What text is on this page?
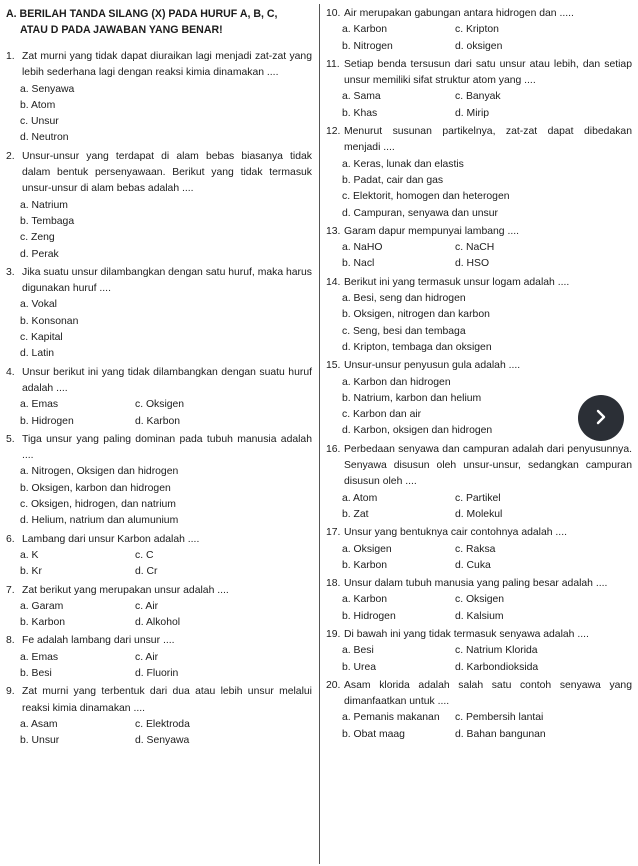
A. BERILAH TANDA SILANG (X) PADA HURUF A, B, C,
ATAU D PADA JAWABAN YANG BENAR!
1. Zat murni yang tidak dapat diuraikan lagi menjadi zat-zat yang lebih sederhana lagi dengan reaksi kimia dinamakan ....
a. Senyawa
b. Atom
c. Unsur
d. Neutron
2. Unsur-unsur yang terdapat di alam bebas biasanya tidak dalam bentuk persenyawaan. Berikut yang tidak termasuk unsur-unsur di alam bebas adalah ....
a. Natrium
b. Tembaga
c. Zeng
d. Perak
3. Jika suatu unsur dilambangkan dengan satu huruf, maka harus digunakan huruf ....
a. Vokal
b. Konsonan
c. Kapital
d. Latin
4. Unsur berikut ini yang tidak dilambangkan dengan suatu huruf adalah ....
a. Emas	c. Oksigen
b. Hidrogen	d. Karbon
5. Tiga unsur yang paling dominan pada tubuh manusia adalah ....
a. Nitrogen, Oksigen dan hidrogen
b. Oksigen, karbon dan hidrogen
c. Oksigen, hidrogen, dan natrium
d. Helium, natrium dan alumunium
6. Lambang dari unsur Karbon adalah ....
a. K	c. C
b. Kr	d. Cr
7. Zat berikut yang merupakan unsur adalah ....
a. Garam	c. Air
b. Karbon	d. Alkohol
8. Fe adalah lambang dari unsur ....
a. Emas	c. Air
b. Besi	d. Fluorin
9. Zat murni yang terbentuk dari dua atau lebih unsur melalui reaksi kimia dinamakan ....
a. Asam	c. Elektroda
b. Unsur	d. Senyawa
10. Air merupakan gabungan antara hidrogen dan .....
a. Karbon	c. Kripton
b. Nitrogen	d. oksigen
11. Setiap benda tersusun dari satu unsur atau lebih, dan setiap unsur memiliki sifat struktur atom yang ....
a. Sama	c. Banyak
b. Khas	d. Mirip
12. Menurut susunan partikelnya, zat-zat dapat dibedakan menjadi ....
a. Keras, lunak dan elastis
b. Padat, cair dan gas
c. Elektorit, homogen dan heterogen
d. Campuran, senyawa dan unsur
13. Garam dapur mempunyai lambang ....
a. NaHO	c. NaCH
b. Nacl	d. HSO
14. Berikut ini yang termasuk unsur logam adalah ....
a. Besi, seng dan hidrogen
b. Oksigen, nitrogen dan karbon
c. Seng, besi dan tembaga
d. Kripton, tembaga dan oksigen
15. Unsur-unsur penyusun gula adalah ....
a. Karbon dan hidrogen
b. Natrium, karbon dan helium
c. Karbon dan air
d. Karbon, oksigen dan hidrogen
16. Perbedaan senyawa dan campuran adalah dari penyusunnya. Senyawa disusun oleh unsur-unsur, sedangkan campuran disusun oleh ....
a. Atom	c. Partikel
b. Zat	d. Molekul
17. Unsur yang bentuknya cair contohnya adalah ....
a. Oksigen	c. Raksa
b. Karbon	d. Cuka
18. Unsur dalam tubuh manusia yang paling besar adalah ....
a. Karbon	c. Oksigen
b. Hidrogen	d. Kalsium
19. Di bawah ini yang tidak termasuk senyawa adalah ....
a. Besi	c. Natrium Klorida
b. Urea	d. Karbondioksida
20. Asam klorida adalah salah satu contoh senyawa yang dimanfaatkan untuk ....
a. Pemanis makanan	c. Pembersih lantai
b. Obat maag	d. Bahan bangunan
